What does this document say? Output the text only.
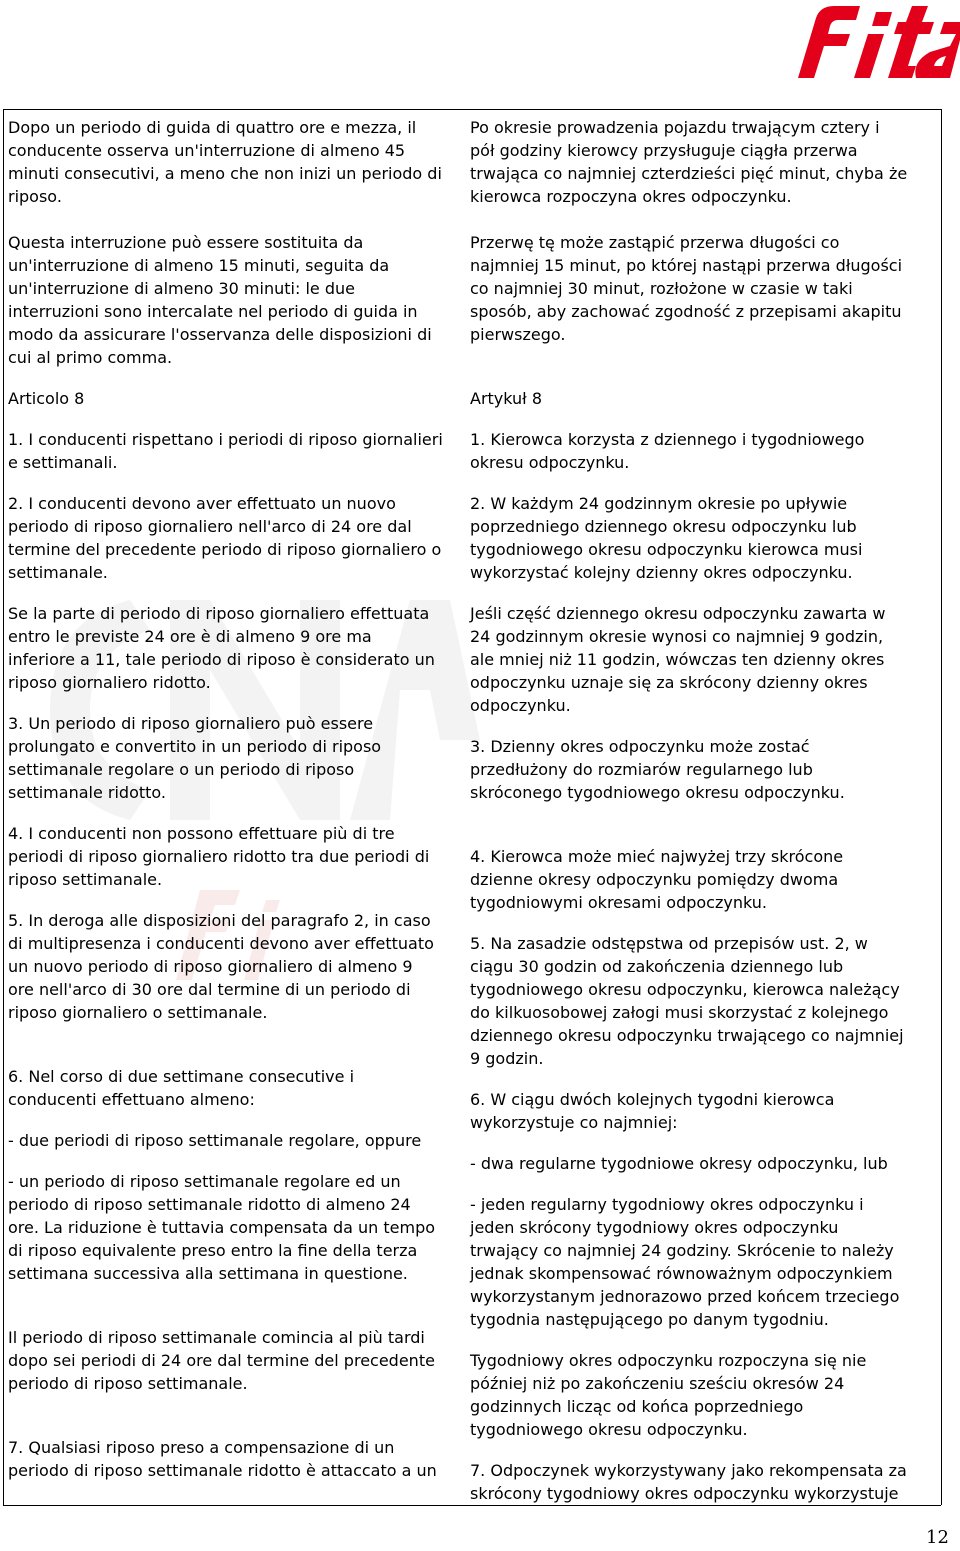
Dopo un periodo di guida di quattro ore e mezza, il
conducente osserva un'interruzione di almeno 45
minuti consecutivi, a meno che non inizi un periodo di
riposo.

Questa interruzione può essere sostituita da
un'interruzione di almeno 15 minuti, seguita da
un'interruzione di almeno 30 minuti: le due
interruzioni sono intercalate nel periodo di guida in
modo da assicurare l'osservanza delle disposizioni di
cui al primo comma.

Articolo 8

1. I conducenti rispettano i periodi di riposo giornalieri
e settimanali.

2. I conducenti devono aver effettuato un nuovo
periodo di riposo giornaliero nell'arco di 24 ore dal
termine del precedente periodo di riposo giornaliero o
settimanale.

Se la parte di periodo di riposo giornaliero effettuata
entro le previste 24 ore è di almeno 9 ore ma
inferiore a 11, tale periodo di riposo è considerato un
riposo giornaliero ridotto.

3. Un periodo di riposo giornaliero può essere
prolungato e convertito in un periodo di riposo
settimanale regolare o un periodo di riposo
settimanale ridotto.

4. I conducenti non possono effettuare più di tre
periodi di riposo giornaliero ridotto tra due periodi di
riposo settimanale.

5. In deroga alle disposizioni del paragrafo 2, in caso
di multipresenza i conducenti devono aver effettuato
un nuovo periodo di riposo giornaliero di almeno 9
ore nell'arco di 30 ore dal termine di un periodo di
riposo giornaliero o settimanale.

6. Nel corso di due settimane consecutive i
conducenti effettuano almeno:

- due periodi di riposo settimanale regolare, oppure

- un periodo di riposo settimanale regolare ed un
periodo di riposo settimanale ridotto di almeno 24
ore. La riduzione è tuttavia compensata da un tempo
di riposo equivalente preso entro la fine della terza
settimana successiva alla settimana in questione.

Il periodo di riposo settimanale comincia al più tardi
dopo sei periodi di 24 ore dal termine del precedente
periodo di riposo settimanale.

7. Qualsiasi riposo preso a compensazione di un
periodo di riposo settimanale ridotto è attaccato a un

Po okresie prowadzenia pojazdu trwającym cztery i
pół godziny kierowcy przysługuje ciągła przerwa
trwająca co najmniej czterdzieści pięć minut, chyba że
kierowca rozpoczyna okres odpoczynku.

Przerwę tę może zastąpić przerwa długości co
najmniej 15 minut, po której nastąpi przerwa długości
co najmniej 30 minut, rozłożone w czasie w taki
sposób, aby zachować zgodność z przepisami akapitu
pierwszego.

Artykuł 8

1. Kierowca korzysta z dziennego i tygodniowego
okresu odpoczynku.

2. W każdym 24 godzinnym okresie po upływie
poprzedniego dziennego okresu odpoczynku lub
tygodniowego okresu odpoczynku kierowca musi
wykorzystać kolejny dzienny okres odpoczynku.

Jeśli część dziennego okresu odpoczynku zawarta w
24 godzinnym okresie wynosi co najmniej 9 godzin,
ale mniej niż 11 godzin, wówczas ten dzienny okres
odpoczynku uznaje się za skrócony dzienny okres
odpoczynku.

3. Dzienny okres odpoczynku może zostać
przedłużony do rozmiarów regularnego lub
skróconego tygodniowego okresu odpoczynku.

4. Kierowca może mieć najwyżej trzy skrócone
dzienne okresy odpoczynku pomiędzy dwoma
tygodniowymi okresami odpoczynku.

5. Na zasadzie odstępstwa od przepisów ust. 2, w
ciągu 30 godzin od zakończenia dziennego lub
tygodniowego okresu odpoczynku, kierowca należący
do kilkuosobowej załogi musi skorzystać z kolejnego
dziennego okresu odpoczynku trwającego co najmniej
9 godzin.

6. W ciągu dwóch kolejnych tygodni kierowca
wykorzystuje co najmniej:

- dwa regularne tygodniowe okresy odpoczynku, lub

- jeden regularny tygodniowy okres odpoczynku i
jeden skrócony tygodniowy okres odpoczynku
trwający co najmniej 24 godziny. Skrócenie to należy
jednak skompensować równoważnym odpoczynkiem
wykorzystanym jednorazowo przed końcem trzeciego
tygodnia następującego po danym tygodniu.

Tygodniowy okres odpoczynku rozpoczyna się nie
później niż po zakończeniu sześciu okresów 24
godzinnych licząc od końca poprzedniego
tygodniowego okresu odpoczynku.

7. Odpoczynek wykorzystywany jako rekompensata za
skrócony tygodniowy okres odpoczynku wykorzystuje

12
